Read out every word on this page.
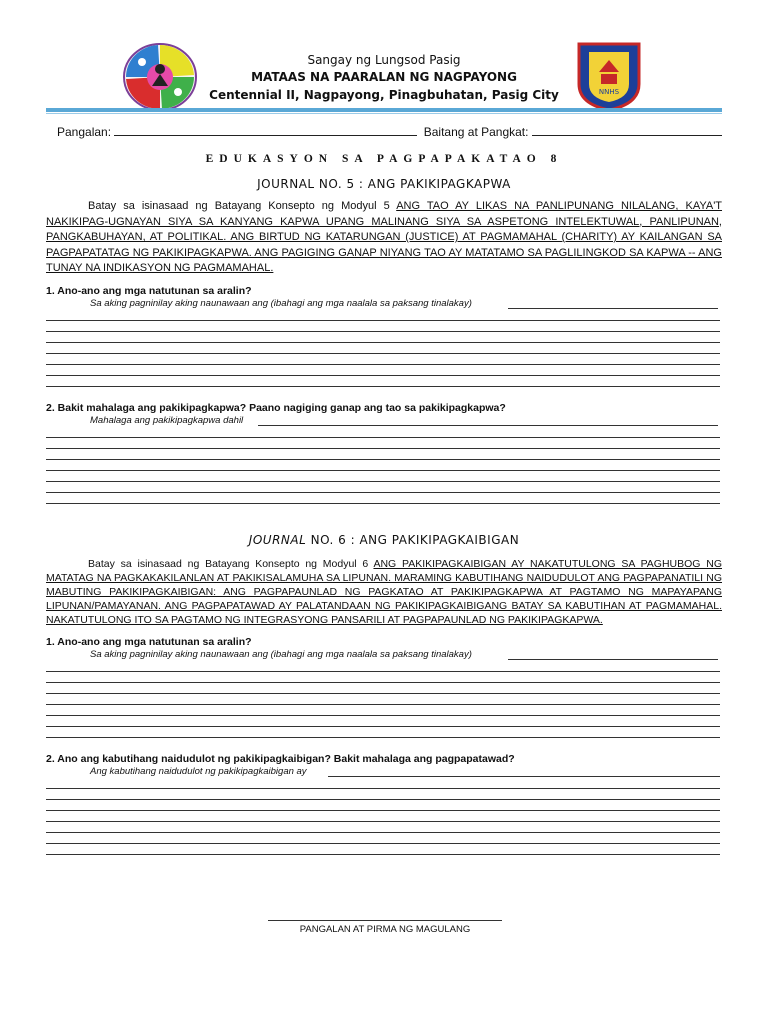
NNHS
Sangay ng Lungsod Pasig
MATAAS NA PAARALAN NG NAGPAYONG
Centennial II, Nagpayong, Pinagbuhatan, Pasig City
Pangalan:	Baitang at Pangkat:
EDUKASYON SA PAGPAPAKATAO 8
JOURNAL NO. 5 : ANG PAKIKIPAGKAPWA
Batay sa isinasaad ng Batayang Konsepto ng Modyul 5 ANG TAO AY LIKAS NA PANLIPUNANG NILALANG, KAYA'T NAKIKIPAG-UGNAYAN SIYA SA KANYANG KAPWA UPANG MALINANG SIYA SA ASPETONG INTELEKTUWAL, PANLIPUNAN, PANGKABUHAYAN, AT POLITIKAL. ANG BIRTUD NG KATARUNGAN (JUSTICE) AT PAGMAMAHAL (CHARITY) AY KAILANGAN SA PAGPAPATATAG NG PAKIKIPAGKAPWA. ANG PAGIGING GANAP NIYANG TAO AY MATATAMO SA PAGLILINGKOD SA KAPWA -- ANG TUNAY NA INDIKASYON NG PAGMAMAHAL.
1. Ano-ano ang mga natutunan sa aralin?
Sa aking pagninilay aking naunawaan ang (ibahagi ang mga naalala sa paksang tinalakay)
2. Bakit mahalaga ang pakikipagkapwa? Paano nagiging ganap ang tao sa pakikipagkapwa?
Mahalaga ang pakikipagkapwa dahil
JOURNAL NO. 6 : ANG PAKIKIPAGKAIBIGAN
Batay sa isinasaad ng Batayang Konsepto ng Modyul 6 ANG PAKIKIPAGKAIBIGAN AY NAKATUTULONG SA PAGHUBOG NG MATATAG NA PAGKAKAKILANLAN AT PAKIKISALAMUHA SA LIPUNAN. MARAMING KABUTIHANG NAIDUDULOT ANG PAGPAPANATILI NG MABUTING PAKIKIPAGKAIBIGAN: ANG PAGPAPAUNLAD NG PAGKATAO AT PAKIKIPAGKAPWA AT PAGTAMO NG MAPAYAPANG LIPUNAN/PAMAYANAN. ANG PAGPAPATAWAD AY PALATANDAAN NG PAKIKIPAGKAIBIGANG BATAY SA KABUTIHAN AT PAGMAMAHAL. NAKATUTULONG ITO SA PAGTAMO NG INTEGRASYONG PANSARILI AT PAGPAPAUNLAD NG PAKIKIPAGKAPWA.
1. Ano-ano ang mga natutunan sa aralin?
Sa aking pagninilay aking naunawaan ang (ibahagi ang mga naalala sa paksang tinalakay)
2. Ano ang kabutihang naidudulot ng pakikipagkaibigan? Bakit mahalaga ang pagpapatawad?
Ang kabutihang naidudulot ng pakikipagkaibigan ay
PANGALAN AT PIRMA NG MAGULANG
